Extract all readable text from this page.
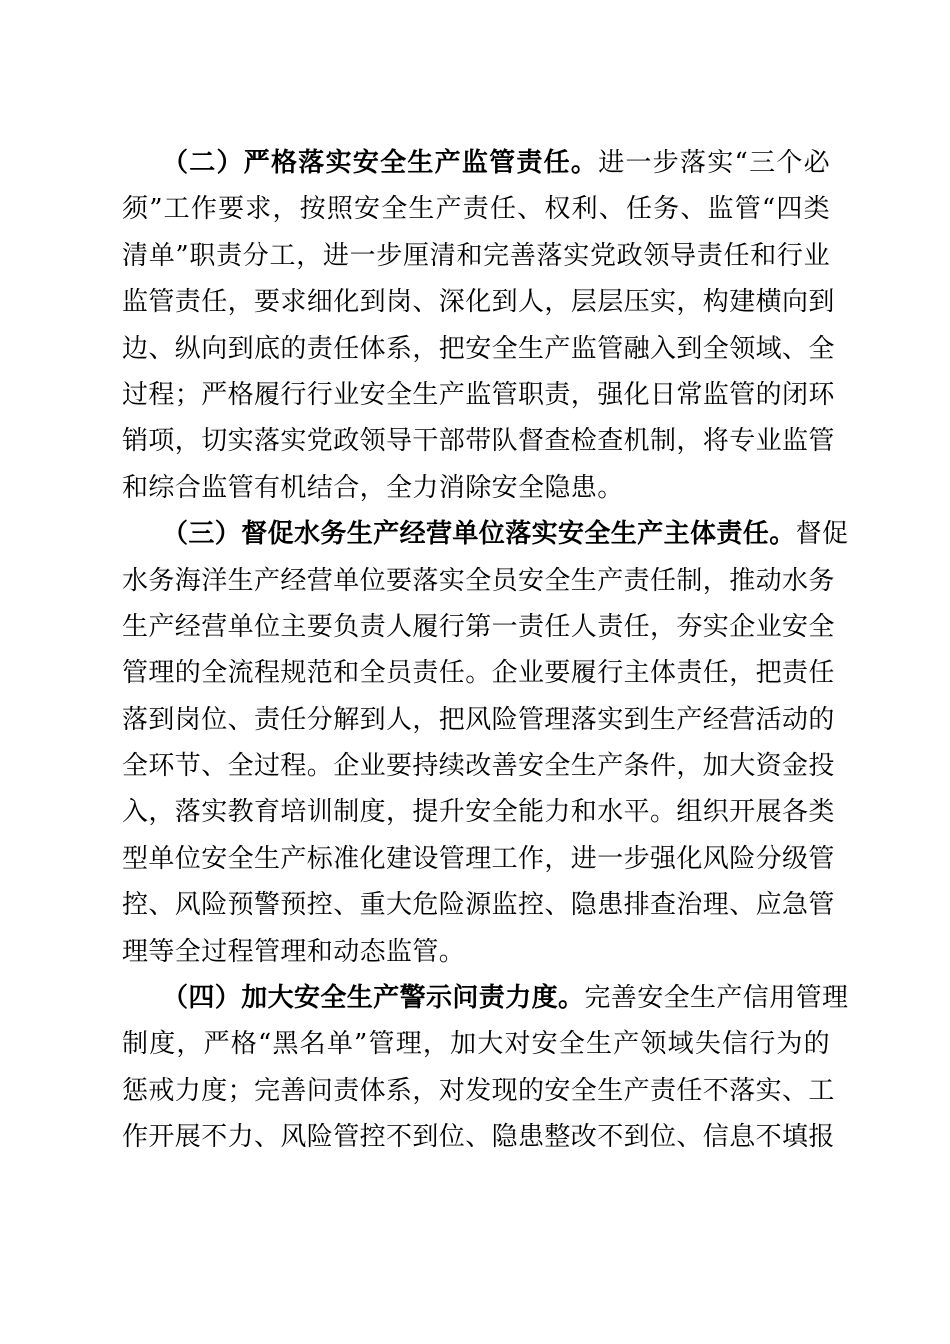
（二）严格落实安全生产监管责任。进一步落实“三个必
须”工作要求，按照安全生产责任、权利、任务、监管“四类
清单”职责分工，进一步厘清和完善落实党政领导责任和行业
监管责任，要求细化到岗、深化到人，层层压实，构建横向到
边、纵向到底的责任体系，把安全生产监管融入到全领域、全
过程；严格履行行业安全生产监管职责，强化日常监管的闭环
销项，切实落实党政领导干部带队督查检查机制，将专业监管
和综合监管有机结合，全力消除安全隐患。
（三）督促水务生产经营单位落实安全生产主体责任。督促
水务海洋生产经营单位要落实全员安全生产责任制，推动水务
生产经营单位主要负责人履行第一责任人责任，夯实企业安全
管理的全流程规范和全员责任。企业要履行主体责任，把责任
落到岗位、责任分解到人，把风险管理落实到生产经营活动的
全环节、全过程。企业要持续改善安全生产条件，加大资金投
入，落实教育培训制度，提升安全能力和水平。组织开展各类
型单位安全生产标准化建设管理工作，进一步强化风险分级管
控、风险预警预控、重大危险源监控、隐患排查治理、应急管
理等全过程管理和动态监管。
（四）加大安全生产警示问责力度。完善安全生产信用管理
制度，严格“黑名单”管理，加大对安全生产领域失信行为的
惩戒力度；完善问责体系，对发现的安全生产责任不落实、工
作开展不力、风险管控不到位、隐患整改不到位、信息不填报
